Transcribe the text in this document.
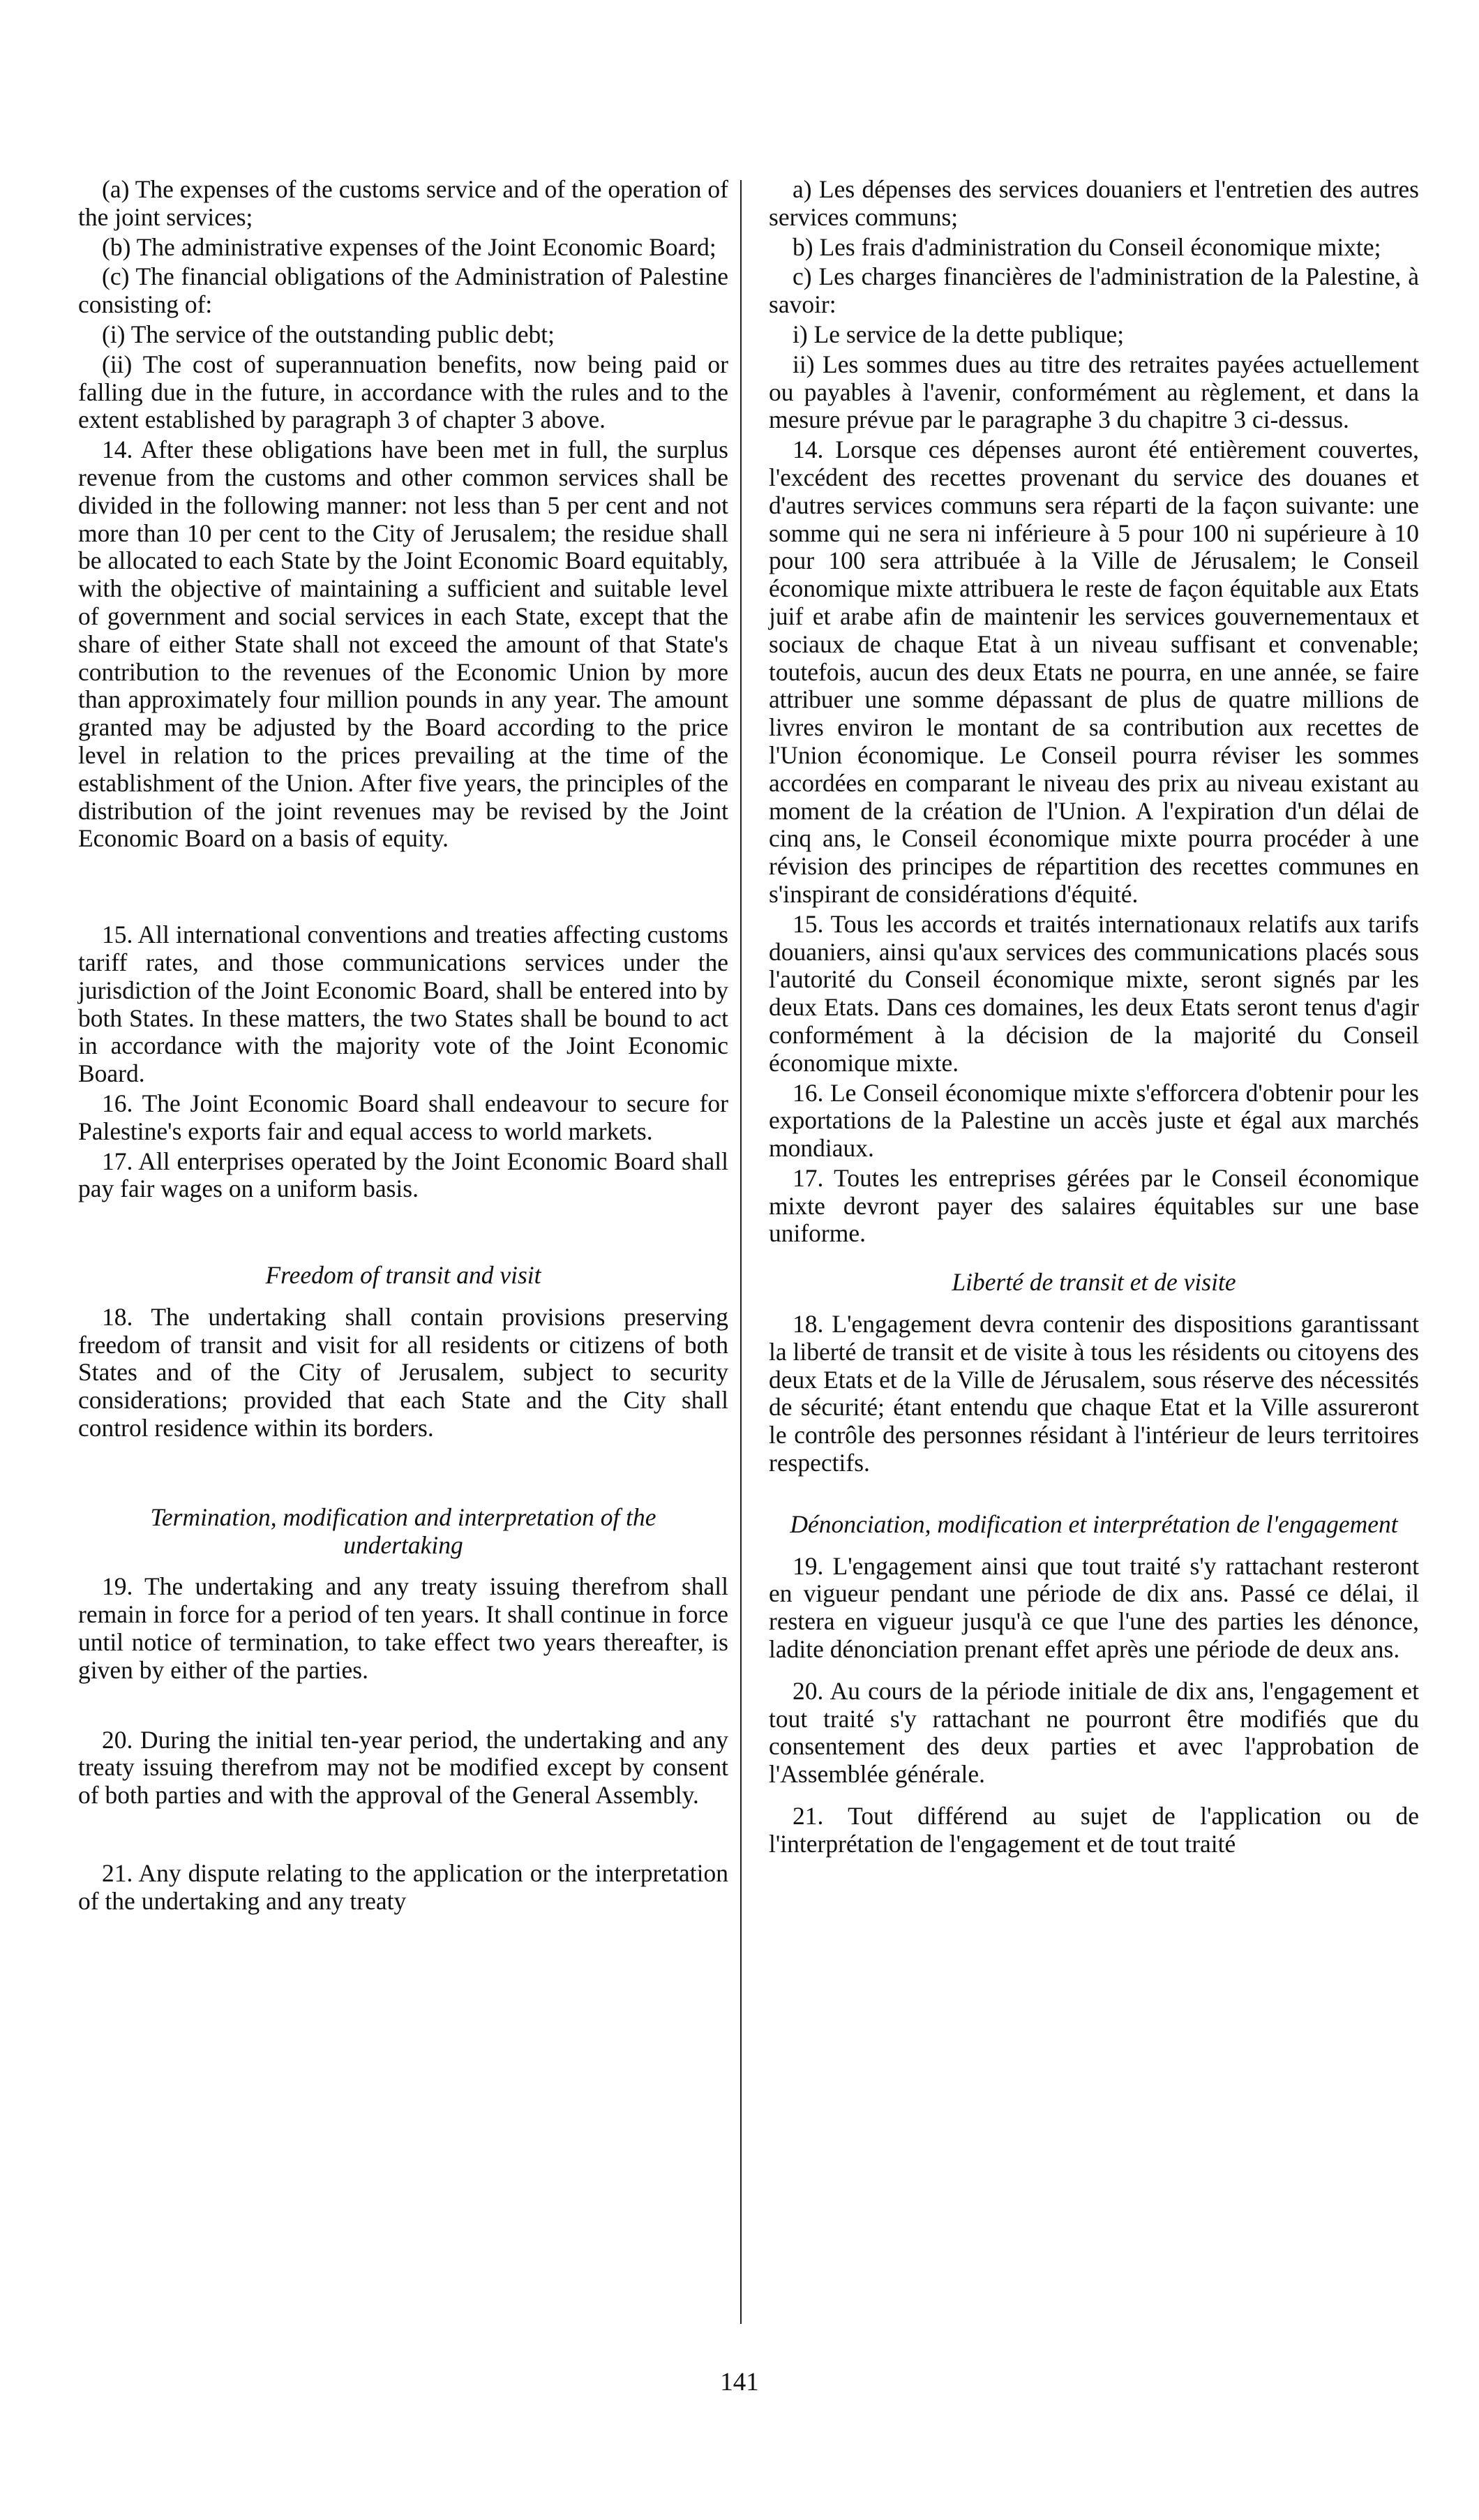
(a) The expenses of the customs service and of the operation of the joint services;

(b) The administrative expenses of the Joint Economic Board;

(c) The financial obligations of the Administration of Palestine consisting of:

(i) The service of the outstanding public debt;

(ii) The cost of superannuation benefits, now being paid or falling due in the future, in accordance with the rules and to the extent established by paragraph 3 of chapter 3 above.

14. After these obligations have been met in full, the surplus revenue from the customs and other common services shall be divided in the following manner: not less than 5 per cent and not more than 10 per cent to the City of Jerusalem; the residue shall be allocated to each State by the Joint Economic Board equitably, with the objective of maintaining a sufficient and suitable level of government and social services in each State, except that the share of either State shall not exceed the amount of that State's contribution to the revenues of the Economic Union by more than approximately four million pounds in any year. The amount granted may be adjusted by the Board according to the price level in relation to the prices prevailing at the time of the establishment of the Union. After five years, the principles of the distribution of the joint revenues may be revised by the Joint Economic Board on a basis of equity.

15. All international conventions and treaties affecting customs tariff rates, and those communications services under the jurisdiction of the Joint Economic Board, shall be entered into by both States. In these matters, the two States shall be bound to act in accordance with the majority vote of the Joint Economic Board.

16. The Joint Economic Board shall endeavour to secure for Palestine's exports fair and equal access to world markets.

17. All enterprises operated by the Joint Economic Board shall pay fair wages on a uniform basis.

Freedom of transit and visit

18. The undertaking shall contain provisions preserving freedom of transit and visit for all residents or citizens of both States and of the City of Jerusalem, subject to security considerations; provided that each State and the City shall control residence within its borders.

Termination, modification and interpretation of the undertaking

19. The undertaking and any treaty issuing therefrom shall remain in force for a period of ten years. It shall continue in force until notice of termination, to take effect two years thereafter, is given by either of the parties.

20. During the initial ten-year period, the undertaking and any treaty issuing therefrom may not be modified except by consent of both parties and with the approval of the General Assembly.

21. Any dispute relating to the application or the interpretation of the undertaking and any treaty

a) Les dépenses des services douaniers et l'entretien des autres services communs;

b) Les frais d'administration du Conseil économique mixte;

c) Les charges financières de l'administration de la Palestine, à savoir:

i) Le service de la dette publique;

ii) Les sommes dues au titre des retraites payées actuellement ou payables à l'avenir, conformément au règlement, et dans la mesure prévue par le paragraphe 3 du chapitre 3 ci-dessus.

14. Lorsque ces dépenses auront été entièrement couvertes, l'excédent des recettes provenant du service des douanes et d'autres services communs sera réparti de la façon suivante: une somme qui ne sera ni inférieure à 5 pour 100 ni supérieure à 10 pour 100 sera attribuée à la Ville de Jérusalem; le Conseil économique mixte attribuera le reste de façon équitable aux Etats juif et arabe afin de maintenir les services gouvernementaux et sociaux de chaque Etat à un niveau suffisant et convenable; toutefois, aucun des deux Etats ne pourra, en une année, se faire attribuer une somme dépassant de plus de quatre millions de livres environ le montant de sa contribution aux recettes de l'Union économique. Le Conseil pourra réviser les sommes accordées en comparant le niveau des prix au niveau existant au moment de la création de l'Union. A l'expiration d'un délai de cinq ans, le Conseil économique mixte pourra procéder à une révision des principes de répartition des recettes communes en s'inspirant de considérations d'équité.

15. Tous les accords et traités internationaux relatifs aux tarifs douaniers, ainsi qu'aux services des communications placés sous l'autorité du Conseil économique mixte, seront signés par les deux Etats. Dans ces domaines, les deux Etats seront tenus d'agir conformément à la décision de la majorité du Conseil économique mixte.

16. Le Conseil économique mixte s'efforcera d'obtenir pour les exportations de la Palestine un accès juste et égal aux marchés mondiaux.

17. Toutes les entreprises gérées par le Conseil économique mixte devront payer des salaires équitables sur une base uniforme.

Liberté de transit et de visite

18. L'engagement devra contenir des dispositions garantissant la liberté de transit et de visite à tous les résidents ou citoyens des deux Etats et de la Ville de Jérusalem, sous réserve des nécessités de sécurité; étant entendu que chaque Etat et la Ville assureront le contrôle des personnes résidant à l'intérieur de leurs territoires respectifs.

Dénonciation, modification et interprétation de l'engagement

19. L'engagement ainsi que tout traité s'y rattachant resteront en vigueur pendant une période de dix ans. Passé ce délai, il restera en vigueur jusqu'à ce que l'une des parties les dénonce, ladite dénonciation prenant effet après une période de deux ans.

20. Au cours de la période initiale de dix ans, l'engagement et tout traité s'y rattachant ne pourront être modifiés que du consentement des deux parties et avec l'approbation de l'Assemblée générale.

21. Tout différend au sujet de l'application ou de l'interprétation de l'engagement et de tout traité

141
